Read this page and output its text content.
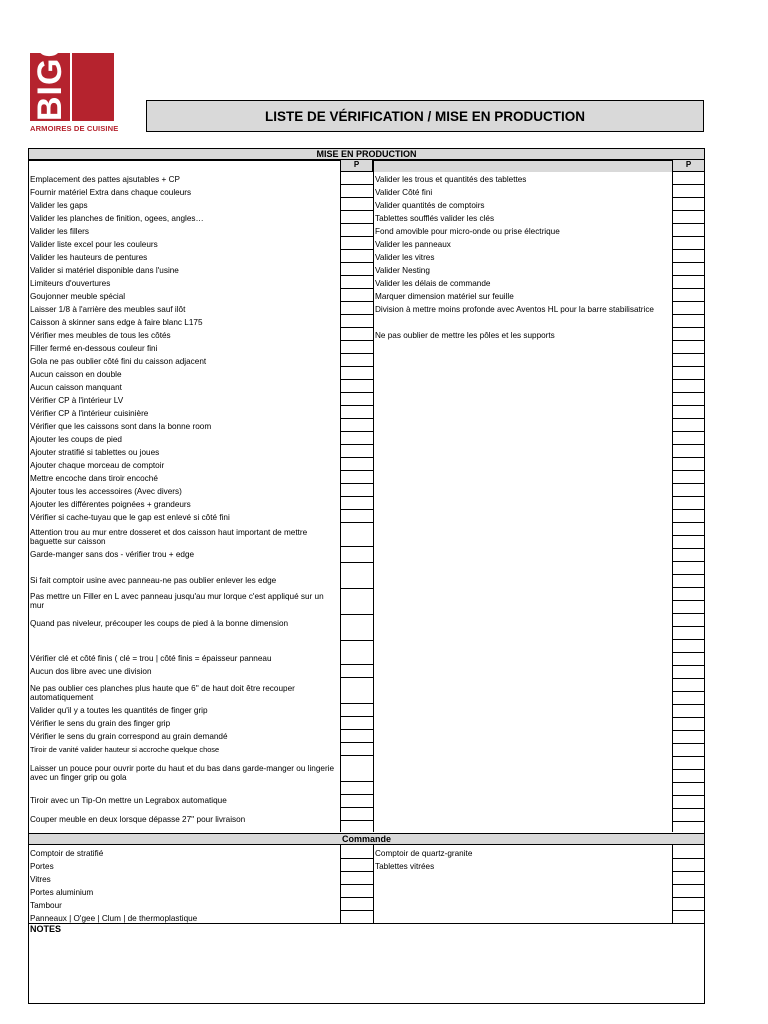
BIGO
ARMOIRES DE CUISINE
LISTE DE VÉRIFICATION / MISE EN PRODUCTION
MISE EN PRODUCTION
P	P
Emplacement des pattes ajsutables + CP
Fournir matériel Extra dans chaque couleurs
Valider les gaps
Valider les planches de finition, ogees, angles…
Valider les fillers
Valider liste excel pour les couleurs
Valider les hauteurs de pentures
Valider si matériel disponible dans l'usine
Limiteurs d'ouvertures
Goujonner meuble spécial
Laisser 1/8 à l'arrière des meubles sauf ilôt
Caisson à skinner sans edge à faire blanc L175
Vérifier mes meubles de tous les côtés
Filler fermé en-dessous couleur fini
Gola ne pas oublier côté fini du caisson adjacent
Aucun caisson en double
Aucun caisson manquant
Vérifier CP à l'intérieur LV
Vérifier CP à l'intérieur cuisinière
Vérifier que les caissons sont dans la bonne room
Ajouter les coups de pied
Ajouter stratifié si tablettes ou joues
Ajouter chaque morceau de comptoir
Mettre encoche dans tiroir encoché
Ajouter tous les accessoires (Avec divers)
Ajouter les différentes poignées + grandeurs
Vérifier si cache-tuyau que le gap est enlevé si côté fini
Attention trou au mur entre dosseret et dos caisson haut important de mettre baguette sur caisson
Garde-manger sans dos - vérifier trou + edge
Si fait comptoir usine avec panneau-ne pas oublier enlever les edge
Pas mettre un Filler en L avec panneau jusqu'au mur lorque c'est appliqué sur un mur
Quand pas niveleur, précouper les coups de pied à la bonne dimension
Vérifier clé et côté finis ( clé = trou | côté finis = épaisseur panneau
Aucun dos libre avec une division
Ne pas oublier ces planches plus haute que 6'' de haut doit être recouper automatiquement
Valider qu'il y a toutes les quantités de finger grip
Vérifier le sens du grain des finger grip
Vérifier le sens du grain correspond au grain demandé
Tiroir de vanité valider hauteur si accroche quelque chose
Laisser un pouce pour ouvrir porte du haut et du bas dans garde-manger ou lingerie avec un finger grip ou gola
Tiroir avec un Tip-On mettre un Legrabox automatique
Couper meuble en deux lorsque dépasse 27'' pour livraison
Valider les trous et quantités des tablettes
Valider Côté fini
Valider quantités de comptoirs
Tablettes soufflés valider les clés
Fond amovible pour micro-onde ou prise électrique
Valider les panneaux
Valider les vitres
Valider Nesting
Valider les délais de commande
Marquer dimension matériel sur feuille
Division à mettre moins profonde avec Aventos HL pour la barre stabilisatrice
Ne pas oublier de mettre les pôles et les supports
Commande
Comptoir de stratifié
Portes
Vitres
Portes aluminium
Tambour
Panneaux | O'gee | Clum | de thermoplastique
Comptoir de quartz-granite
Tablettes vitrées
NOTES
